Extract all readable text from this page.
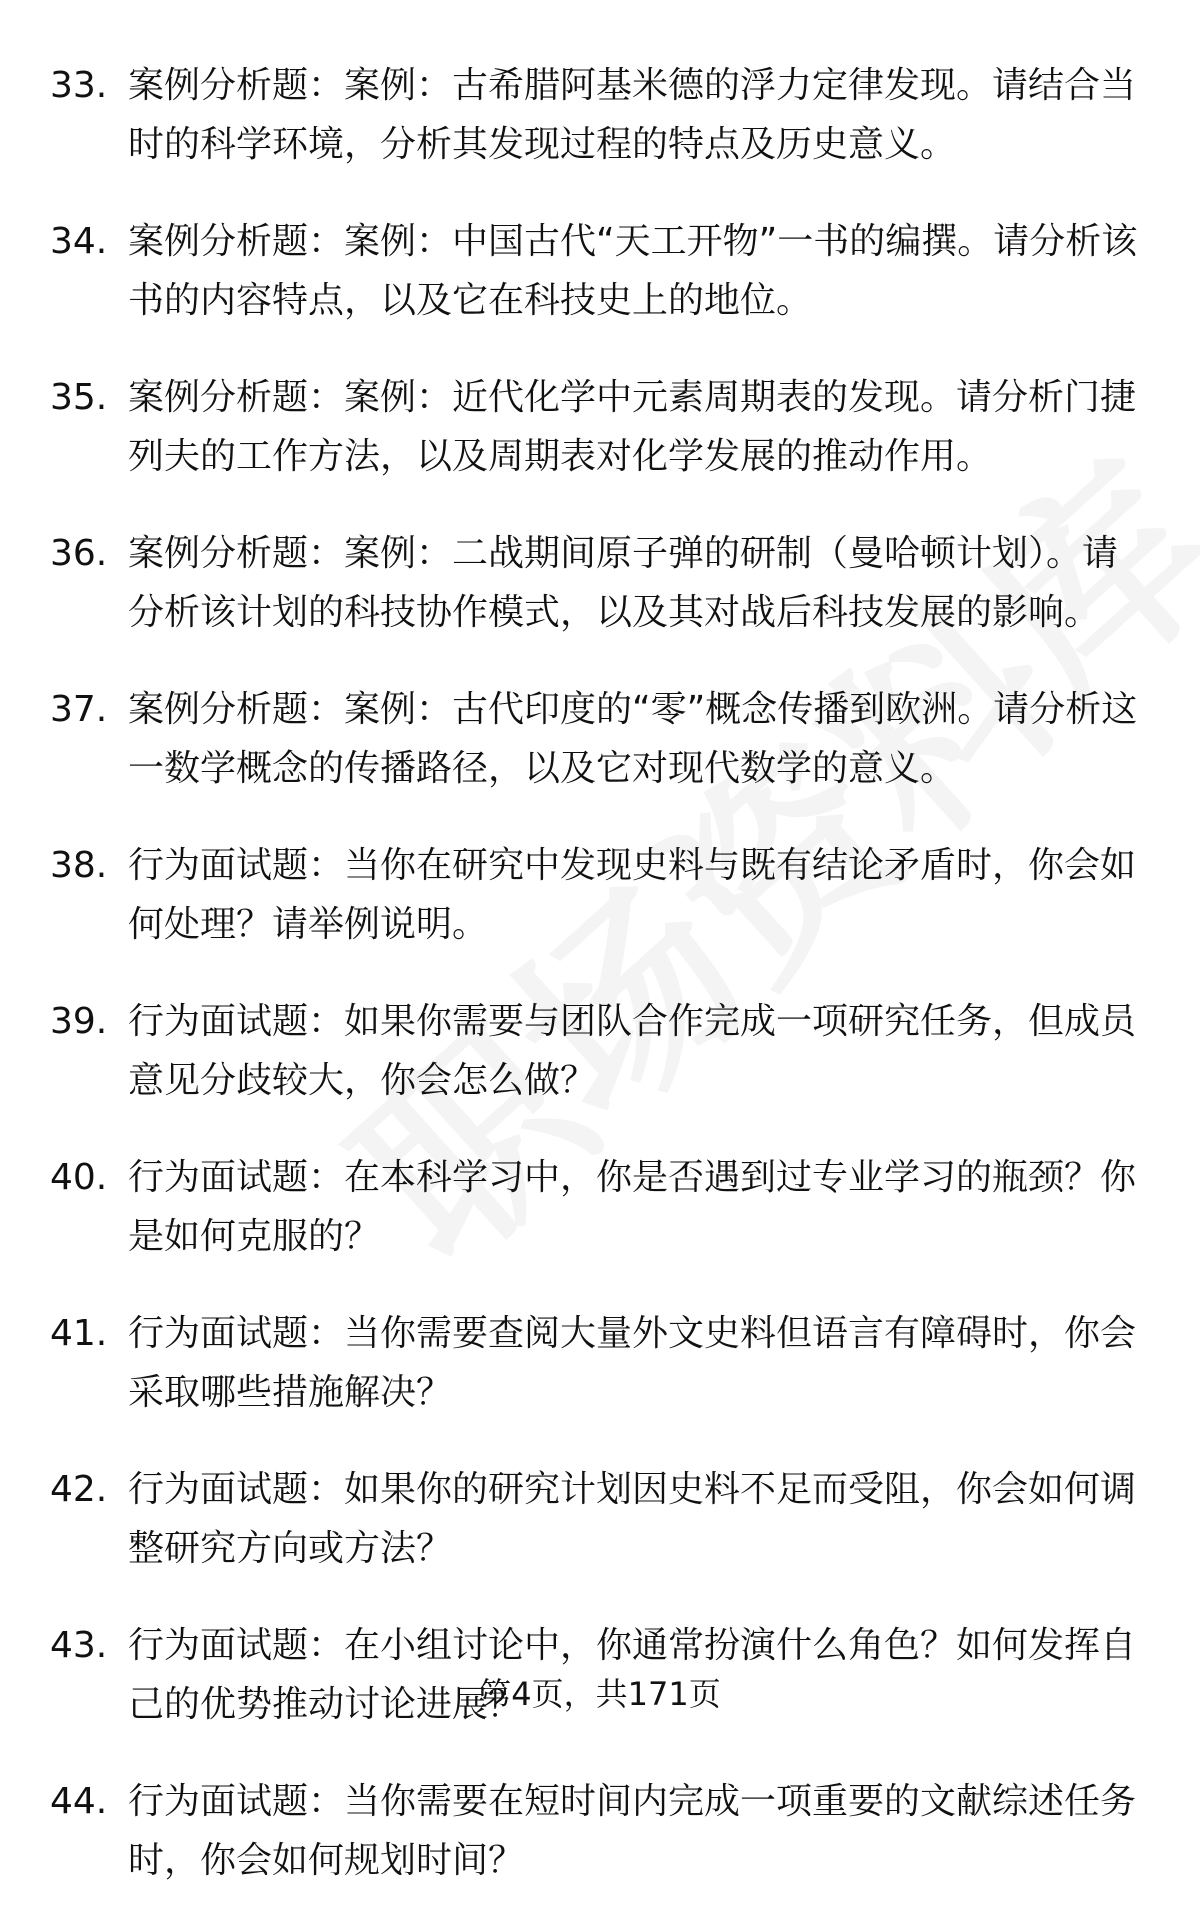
33. 案例分析题：案例：古希腊阿基米德的浮力定律发现。请结合当时的科学环境，分析其发现过程的特点及历史意义。
34. 案例分析题：案例：中国古代“天工开物”一书的编撰。请分析该书的内容特点，以及它在科技史上的地位。
35. 案例分析题：案例：近代化学中元素周期表的发现。请分析门捷列夫的工作方法，以及周期表对化学发展的推动作用。
36. 案例分析题：案例：二战期间原子弹的研制（曼哈顿计划）。请分析该计划的科技协作模式，以及其对战后科技发展的影响。
37. 案例分析题：案例：古代印度的“零”概念传播到欧洲。请分析这一数学概念的传播路径，以及它对现代数学的意义。
38. 行为面试题：当你在研究中发现史料与既有结论矛盾时，你会如何处理？请举例说明。
39. 行为面试题：如果你需要与团队合作完成一项研究任务，但成员意见分歧较大，你会怎么做？
40. 行为面试题：在本科学习中，你是否遇到过专业学习的瓶颈？你是如何克服的？
41. 行为面试题：当你需要查阅大量外文史料但语言有障碍时，你会采取哪些措施解决？
42. 行为面试题：如果你的研究计划因史料不足而受阻，你会如何调整研究方向或方法？
43. 行为面试题：在小组讨论中，你通常扮演什么角色？如何发挥自己的优势推动讨论进展？
44. 行为面试题：当你需要在短时间内完成一项重要的文献综述任务时，你会如何规划时间？
第4页，共171页
